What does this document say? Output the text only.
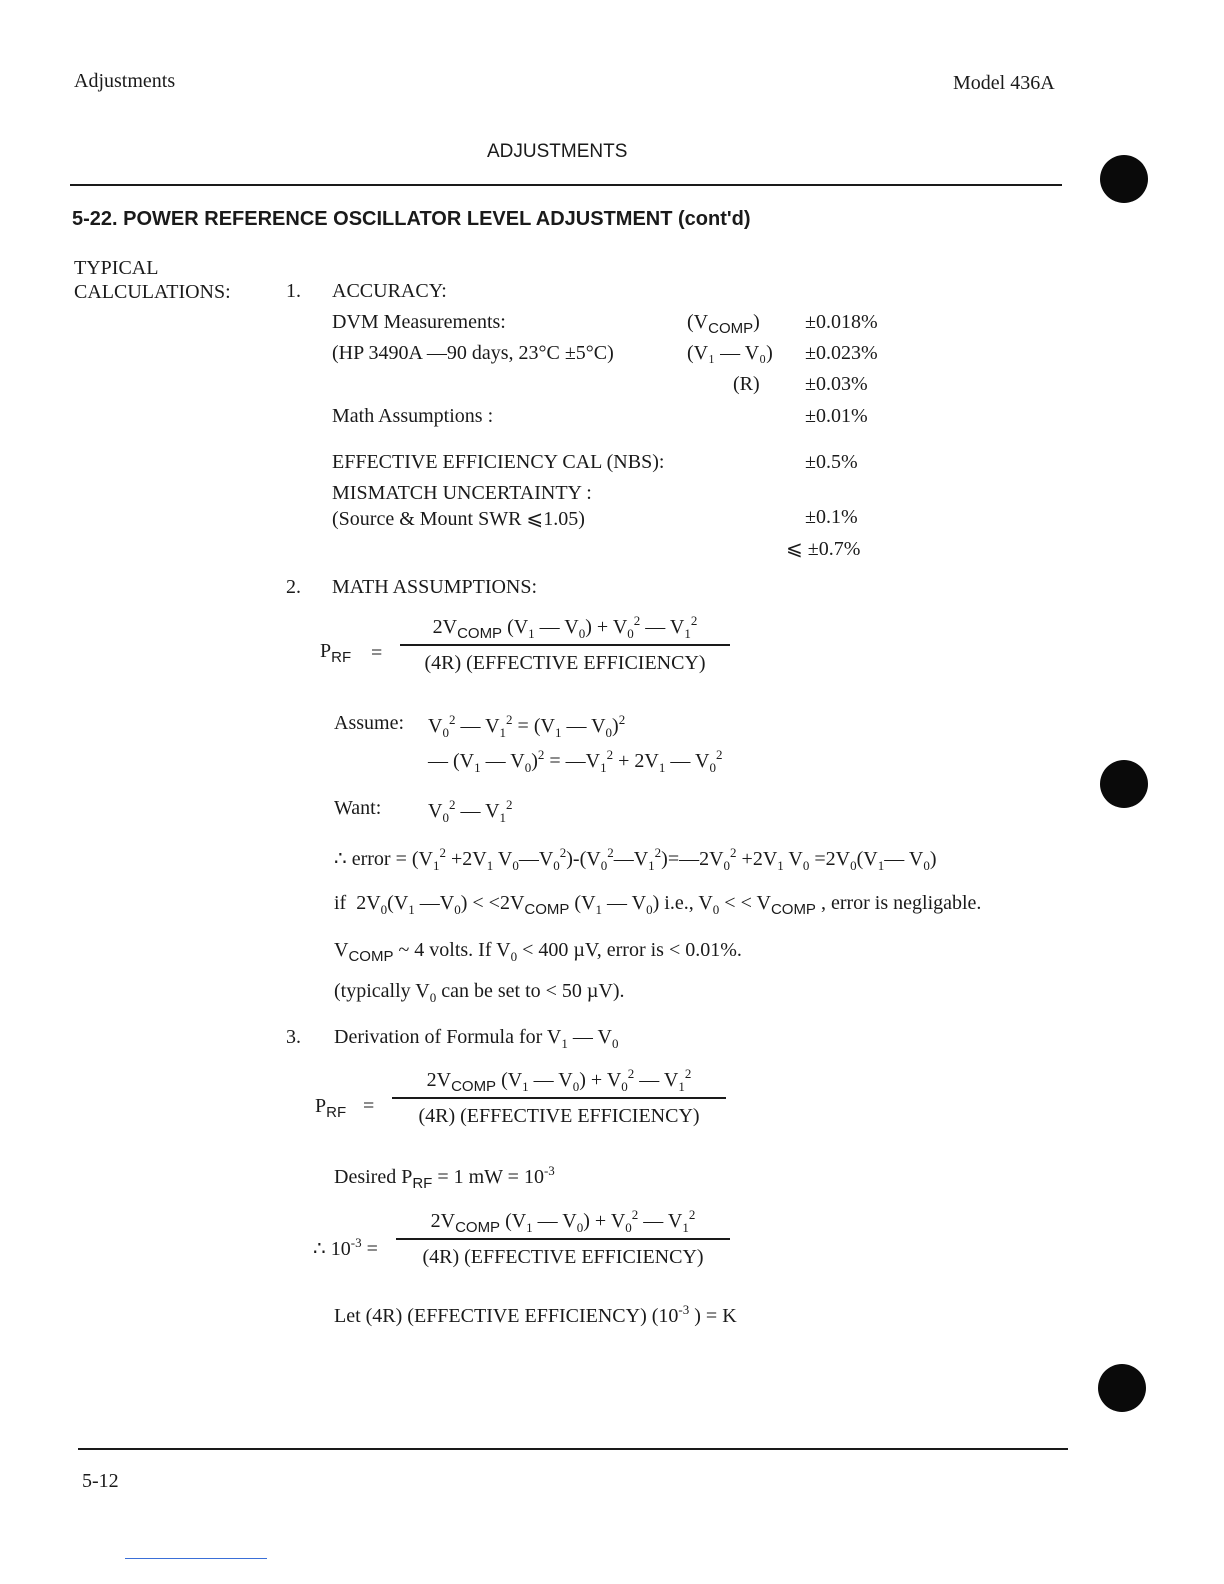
Adjustments	Model 436A
ADJUSTMENTS
5-22. POWER REFERENCE OSCILLATOR LEVEL ADJUSTMENT (cont'd)
TYPICAL
CALCULATIONS:	1. ACCURACY:
DVM Measurements:	$(V_{COMP}) \pm 0.018\%$
(HP 3490A —90 days, 23°C ±5°C)	(V₁ — V₀) ±0.023%
(R) ±0.03%
Math Assumptions :	±0.01%
EFFECTIVE EFFICIENCY CAL (NBS):	±0.5%
MISMATCH UNCERTAINTY :
(Source & Mount SWR ⩽1.05)	±0.1%
⩽ ±0.7%
2. MATH ASSUMPTIONS:
$P_{RF}$ =
$2V_{COMP}$ ($V_1$ — $V_0) + V_0^2$ — $V_1^2$
(4R) (EFFECTIVE EFFICIENCY)
Assume: $V_0^2$ — $V_1^2 = (V_1$ — $V_0)^2$
— ($V_1$ — $V_0)^2$ = $—V_1^2 + 2V_1$ — $V_0^2$
Want: $V_0^2$ — $V_1^2$
∴ error = ($V_1^2 +2V_1$ $V_0—V_0^2)-(V_0^2—V_1^2)=—2V_0^2 +2V_1$ $V_0$ $=2V_0(V_1—$ $V_0$)
if  $2V_0(V_1$ $—V_0) < <2V_{COMP}$ ($V_1$ — $V_0$) i.e., $V_0$ < < $V_{COMP}$ , error is negligable.
$V_{COMP}$ ~ 4 volts. If $V_0 < 400$ µV, error is < 0.01%.
(typically $V_0$ can be set to < 50 µV).
3. Derivation of Formula for $V_1$ — $V_0$
$P_{RF}$ =
$2V_{COMP}$ ($V_1$ — $V_0) + V_0^2$ — $V_1^2$
(4R) (EFFECTIVE EFFICIENCY)
Desired $P_{RF} = 1$ mW = $10^{-3}$
∴ $10^{-3}$ =
$2V_{COMP}$ ($V_1$ — $V_0) + V_0^2$ — $V_1^2$
(4R) (EFFECTIVE EFFICIENCY)
Let (4R) (EFFECTIVE EFFICIENCY) ($10^{-3}$ ) = K
5-12
